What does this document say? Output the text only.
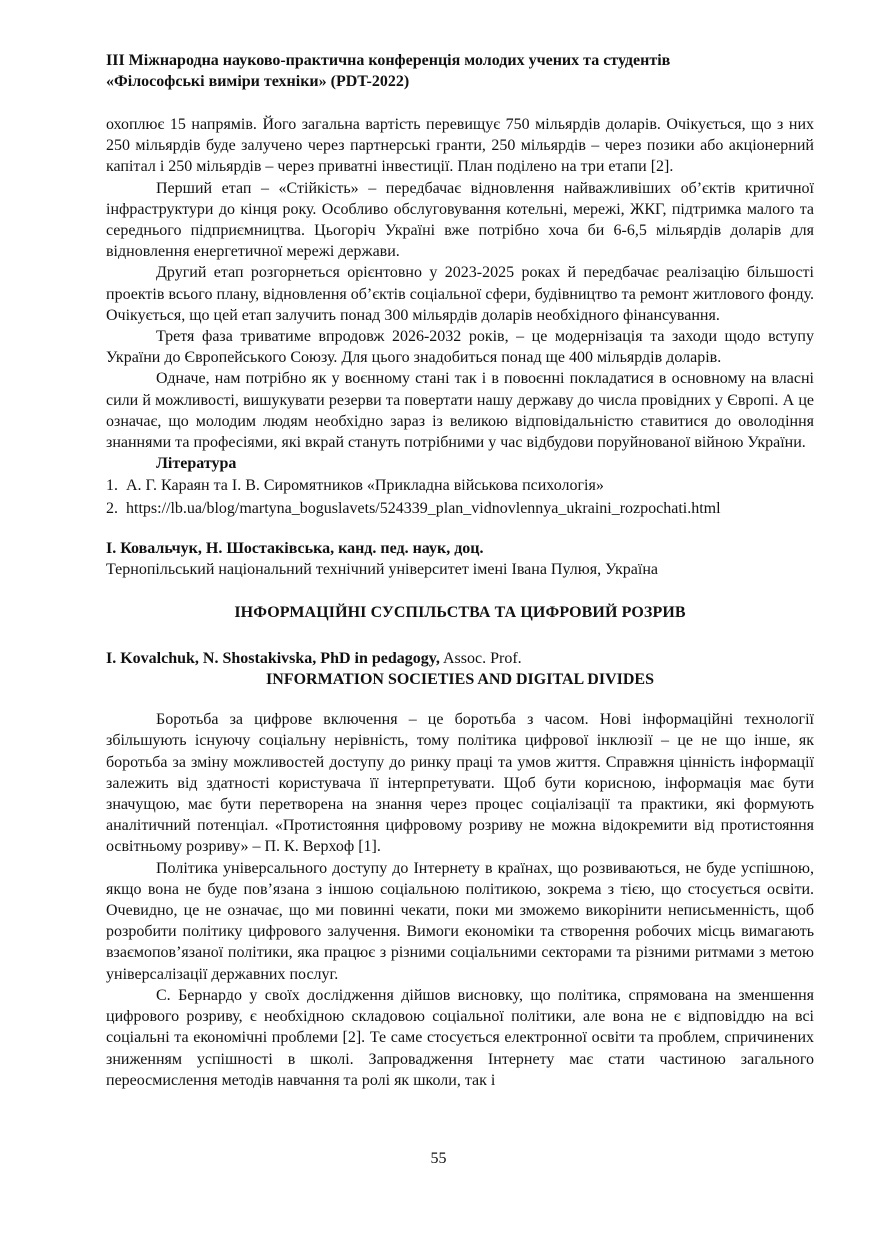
ІІІ Міжнародна науково-практична конференція молодих учених та студентів
«Філософські виміри техніки» (PDT-2022)

охоплює 15 напрямів. Його загальна вартість перевищує 750 мільярдів доларів. Очікується, що з них 250 мільярдів буде залучено через партнерські гранти, 250 мільярдів – через позики або акціонерний капітал і 250 мільярдів – через приватні інвестиції. План поділено на три етапи [2].

Перший етап – «Стійкість» – передбачає відновлення найважливіших об’єктів критичної інфраструктури до кінця року. Особливо обслуговування котельні, мережі, ЖКГ, підтримка малого та середнього підприємництва. Цьогоріч Україні вже потрібно хоча би 6-6,5 мільярдів доларів для відновлення енергетичної мережі держави.

Другий етап розгорнеться орієнтовно у 2023-2025 роках й передбачає реалізацію більшості проектів всього плану, відновлення об’єктів соціальної сфери, будівництво та ремонт житлового фонду. Очікується, що цей етап залучить понад 300 мільярдів доларів необхідного фінансування.

Третя фаза триватиме впродовж 2026-2032 років, – це модернізація та заходи щодо вступу України до Європейського Союзу. Для цього знадобиться понад ще 400 мільярдів доларів.

Одначе, нам потрібно як у воєнному стані так і в повоєнні покладатися в основному на власні сили й можливості, вишукувати резерви та повертати нашу державу до числа провідних у Європі. А це означає, що молодим людям необхідно зараз із великою відповідальністю ставитися до оволодіння знаннями та професіями, які вкрай стануть потрібними у час відбудови поруйнованої війною України.

Література
1. А. Г. Караян та І. В. Сиромятников «Прикладна військова психологія»
2. https://lb.ua/blog/martyna_boguslavets/524339_plan_vidnovlennya_ukraini_rozpochati.html
І. Ковальчук, Н. Шостаківська, канд. пед. наук, доц.
Тернопільський національний технічний університет імені Івана Пулюя, Україна
ІНФОРМАЦІЙНІ СУСПІЛЬСТВА ТА ЦИФРОВИЙ РОЗРИВ
I. Kovalchuk, N. Shostakivska, PhD in pedagogy, Assoc. Prof.
INFORMATION SOCIETIES AND DIGITAL DIVIDES

Боротьба за цифрове включення – це боротьба з часом. Нові інформаційні технології збільшують існуючу соціальну нерівність, тому політика цифрової інклюзії – це не що інше, як боротьба за зміну можливостей доступу до ринку праці та умов життя. Справжня цінність інформації залежить від здатності користувача її інтерпретувати. Щоб бути корисною, інформація має бути значущою, має бути перетворена на знання через процес соціалізації та практики, які формують аналітичний потенціал. «Протистояння цифровому розриву не можна відокремити від протистояння освітньому розриву» – П. К. Верхоф [1].

Політика універсального доступу до Інтернету в країнах, що розвиваються, не буде успішною, якщо вона не буде пов’язана з іншою соціальною політикою, зокрема з тією, що стосується освіти. Очевидно, це не означає, що ми повинні чекати, поки ми зможемо викорінити неписьменність, щоб розробити політику цифрового залучення. Вимоги економіки та створення робочих місць вимагають взаємопов’язаної політики, яка працює з різними соціальними секторами та різними ритмами з метою універсалізації державних послуг.

С. Бернардо у своїх дослідження дійшов висновку, що політика, спрямована на зменшення цифрового розриву, є необхідною складовою соціальної політики, але вона не є відповіддю на всі соціальні та економічні проблеми [2]. Те саме стосується електронної освіти та проблем, спричинених зниженням успішності в школі. Запровадження Інтернету має стати частиною загального переосмислення методів навчання та ролі як школи, так і

55
